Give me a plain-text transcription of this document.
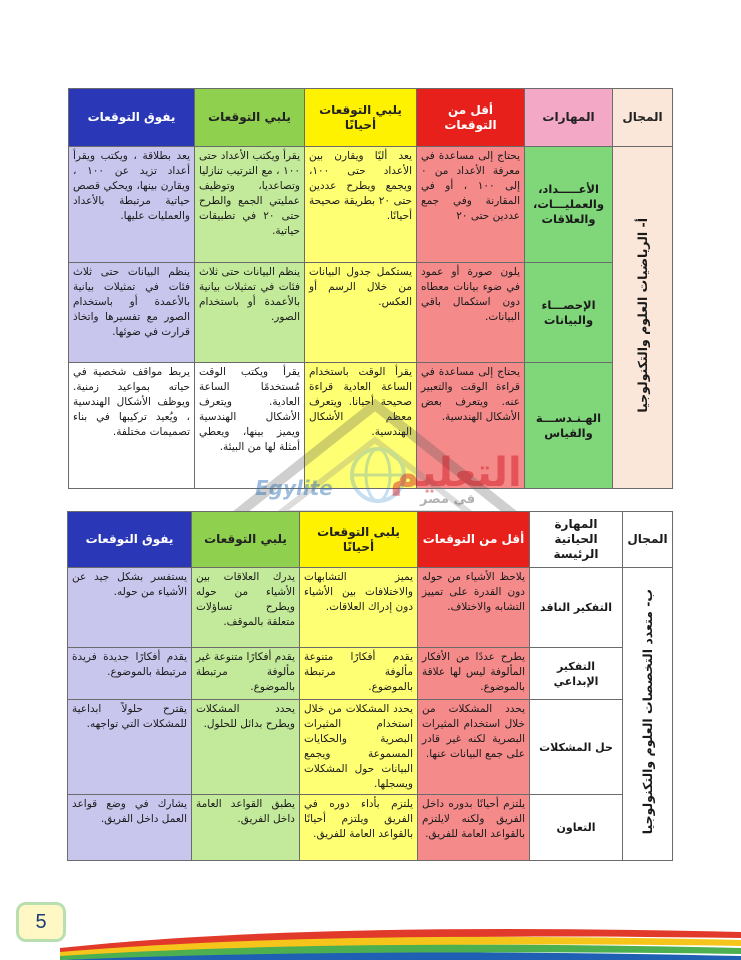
المجال	المهارات	أقل من التوقعات	يلبي التوقعات أحيانًا	يلبي التوقعات	يفوق التوقعات
أ- الرياضيات العلوم والتكنولوجيا	الأعـــــداد، والعمليـــات، والعلاقات	يحتاج إلى مساعدة في معرفة الأعداد من ٠ إلى ١٠٠ ، أو في المقارنة وفي جمع عددين حتى ٢٠	يعد أليًا ويقارن بين الأعداد حتى ١٠٠، ويجمع ويطرح عددين حتى ٢٠ بطريقة صحيحة أحيانًا.	يقرأ ويكتب الأعداد حتى ١٠٠ ، مع الترتيب تنازليا وتصاعديا، وتوظيف عمليتي الجمع والطرح حتى ٢٠ في تطبيقات حياتية.	يعد بطلاقة ، ويكتب ويقرأ أعداد تزيد عن ١٠٠ ، ويقارن بينها، ويحكي قصص حياتية مرتبطة بالأعداد والعمليات عليها.
	الإحصـــاء والبيانات	يلون صورة أو عمود في ضوء بيانات معطاه دون استكمال باقي البيانات.	يستكمل جدول البيانات من خلال الرسم أو العكس.	ينظم البيانات حتى ثلاث فئات في تمثيلات بيانية بالأعمدة أو باستخدام الصور.	ينظم البيانات حتى ثلاث فئات في تمثيلات بيانية بالأعمدة أو باستخدام الصور مع تفسيرها واتخاذ قرارت في ضوئها.
	الهـنـدســـة والقياس	يحتاج إلى مساعدة في قراءة الوقت والتعبير عنه. ويتعرف بعض الأشكال الهندسية.	يقرأ الوقت باستخدام الساعة العادية قراءة صحيحة أحيانا. ويتعرف معظم الأشكال الهندسية.	يقرأ ويكتب الوقت مُستخدمًا الساعة العادية. ويتعرف الأشكال الهندسية ويميز بينها، ويعطي أمثلة لها من البيئة.	يربط مواقف شخصية في حياته بمواعيد زمنية. ويوظف الأشكال الهندسية ، ويُعيد تركيبها في بناء تصميمات مختلفة.
التعليم
في مصر
Egylite
المجال	المهارة الحياتية الرئيسة	أقل من التوقعات	يلبى التوقعات أحيانًا	يلبي التوقعات	يفوق التوقعات
ب- متعدد التخصصات العلوم والتكنولوجيا	التفكير الناقد	يلاحظ الأشياء من حوله دون القدرة على تمييز التشابه والاختلاف.	يميز التشابهات والاختلافات بين الأشياء دون إدراك العلاقات.	يدرك العلاقات بين الأشياء من حوله ويطرح تساؤلات متعلقة بالموقف.	يستفسر بشكل جيد عن الأشياء من حوله.
	التفكير الإبداعي	يطرح عددًا من الأفكار المألوفة ليس لها علاقة بالموضوع.	يقدم أفكارًا متنوعة مألوفة مرتبطة بالموضوع.	يقدم أفكارًا متنوعة غير مألوفة مرتبطة بالموضوع.	يقدم أفكارًا جديدة فريدة مرتبطة بالموضوع.
	حل المشكلات	يحدد المشكلات من خلال استخدام المثيرات البصرية لكنه غير قادر على جمع البيانات عنها.	يحدد المشكلات من خلال استخدام المثيرات البصرية والحكايات المسموعة ويجمع البيانات حول المشكلات ويسجلها.	يحدد المشكلات ويطرح بدائل للحلول.	يقترح حلولاً ابداعية للمشكلات التي تواجهه.
	التعاون	يلتزم أحيانًا بدوره داخل الفريق ولكنه لايلتزم بالقواعد العامة للفريق.	يلتزم بأداء دوره في الفريق ويلتزم أحيانًا بالقواعد العامة للفريق.	يطبق القواعد العامة داخل الفريق.	يشارك في وضع قواعد العمل داخل الفريق.
5
